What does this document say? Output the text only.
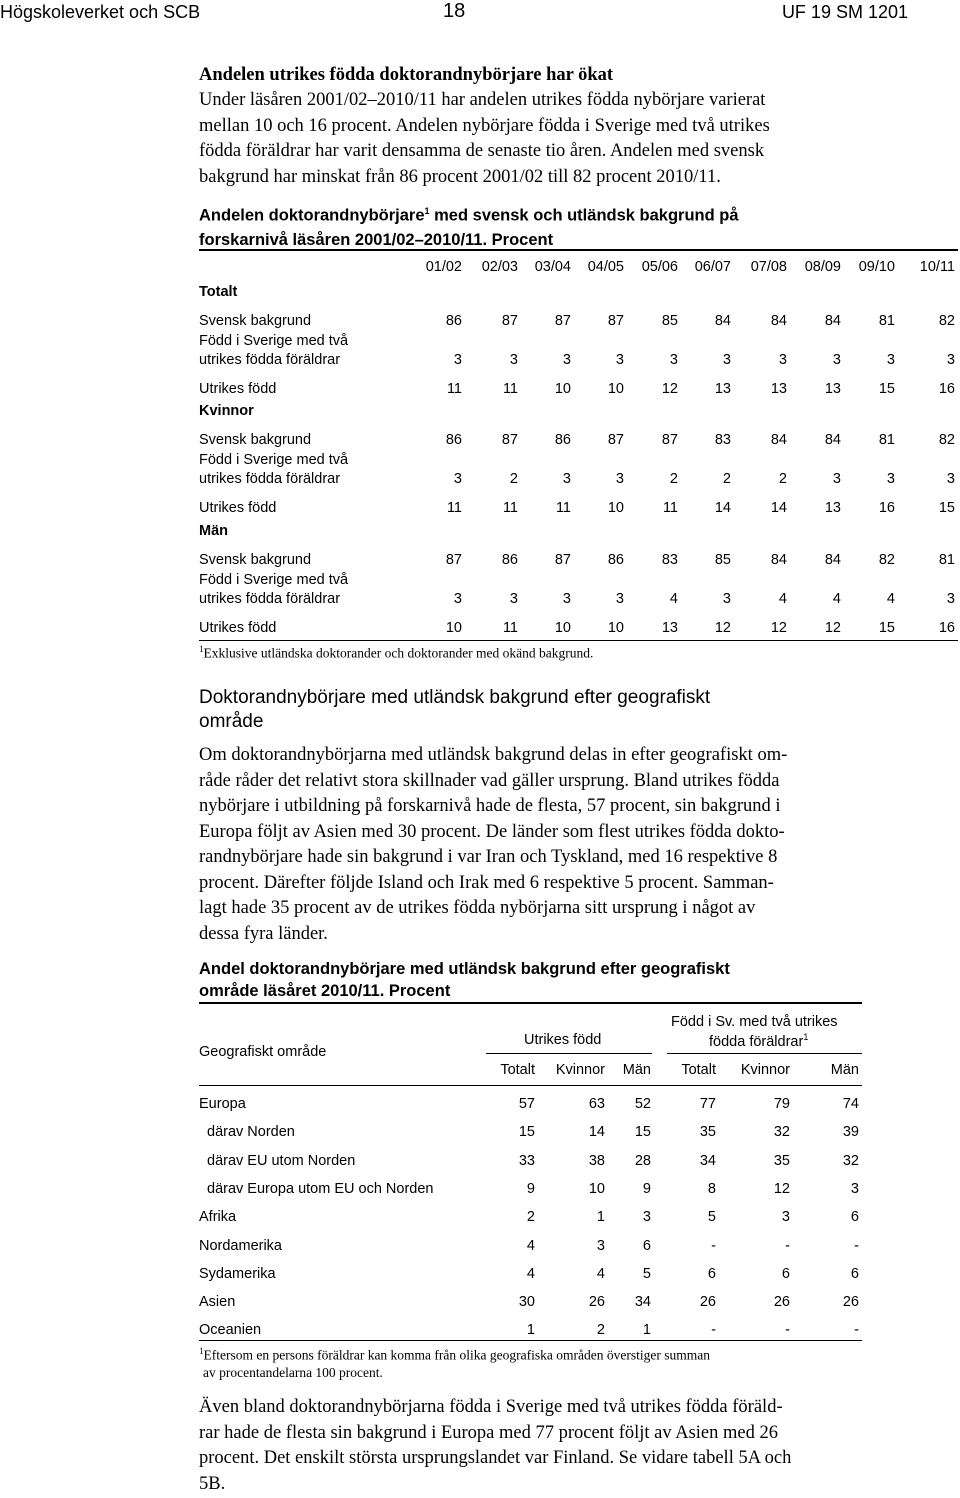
Högskoleverket och SCB	18	UF 19 SM 1201
Andelen utrikes födda doktorandnybörjare har ökat
Under läsåren 2001/02–2010/11 har andelen utrikes födda nybörjare varierat
mellan 10 och 16 procent. Andelen nybörjare födda i Sverige med två utrikes
födda föräldrar har varit densamma de senaste tio åren. Andelen med svensk
bakgrund har minskat från 86 procent 2001/02 till 82 procent 2010/11.
Andelen doktorandnybörjare$^1$ med svensk och utländsk bakgrund på
forskarnivå läsåren 2001/02–2010/11. Procent
Doktorandnybörjare med utländsk bakgrund efter geografiskt
område
Om doktorandnybörjarna med utländsk bakgrund delas in efter geografiskt om-
råde råder det relativt stora skillnader vad gäller ursprung. Bland utrikes födda
nybörjare i utbildning på forskarnivå hade de flesta, 57 procent, sin bakgrund i
Europa följt av Asien med 30 procent. De länder som flest utrikes födda dokto-
randnybörjare hade sin bakgrund i var Iran och Tyskland, med 16 respektive 8
procent. Därefter följde Island och Irak med 6 respektive 5 procent. Samman-
lagt hade 35 procent av de utrikes födda nybörjarna sitt ursprung i något av
dessa fyra länder.
Andel doktorandnybörjare med utländsk bakgrund efter geografiskt
område läsåret 2010/11. Procent
Även bland doktorandnybörjarna födda i Sverige med två utrikes födda föräld-
rar hade de flesta sin bakgrund i Europa med 77 procent följt av Asien med 26
procent. Det enskilt största ursprungslandet var Finland. Se vidare tabell 5A och
5B.
01/02 02/03 03/04 04/05 05/06 06/07 07/08 08/09 09/10	10/11
Totalt
Svensk bakgrund	86	87	87	87	85	84	84	84	81	82
Född i Sverige med två
utrikes födda föräldrar	3	3	3	3	3	3	3	3	3	3
Utrikes född	11	11	10	10	12	13	13	13	15	16
Kvinnor
Svensk bakgrund	86	87	86	87	87	83	84	84	81	82
Född i Sverige med två
utrikes födda föräldrar	3	2	3	3	2	2	2	3	3	3
Utrikes född	11	11	11	10	11	14	14	13	16	15
Män
Svensk bakgrund	87	86	87	86	83	85	84	84	82	81
Född i Sverige med två
utrikes födda föräldrar	3	3	3	3	4	3	4	4	4	3
Utrikes född	10	11	10	10	13	12	12	12	15	16
$^1$Exklusive utländska doktorander och doktorander med okänd bakgrund.
Geografiskt område
Utrikes född
Född i Sv. med två utrikes
födda föräldrar$^1$
Totalt	Kvinnor	Män	Totalt	Kvinnor	Män
Europa	57	63	52	77	79	74
därav Norden	15	14	15	35	32	39
därav EU utom Norden	33	38	28	34	35	32
därav Europa utom EU och Norden	9	10	9	8	12	3
Afrika	2	1	3	5	3	6
Nordamerika	4	3	6	-	-	-
Sydamerika	4	4	5	6	6	6
Asien	30	26	34	26	26	26
Oceanien	1	2	1	-	-	-
$^1$Eftersom en persons föräldrar kan komma från olika geografiska områden överstiger summan
av procentandelarna 100 procent.
